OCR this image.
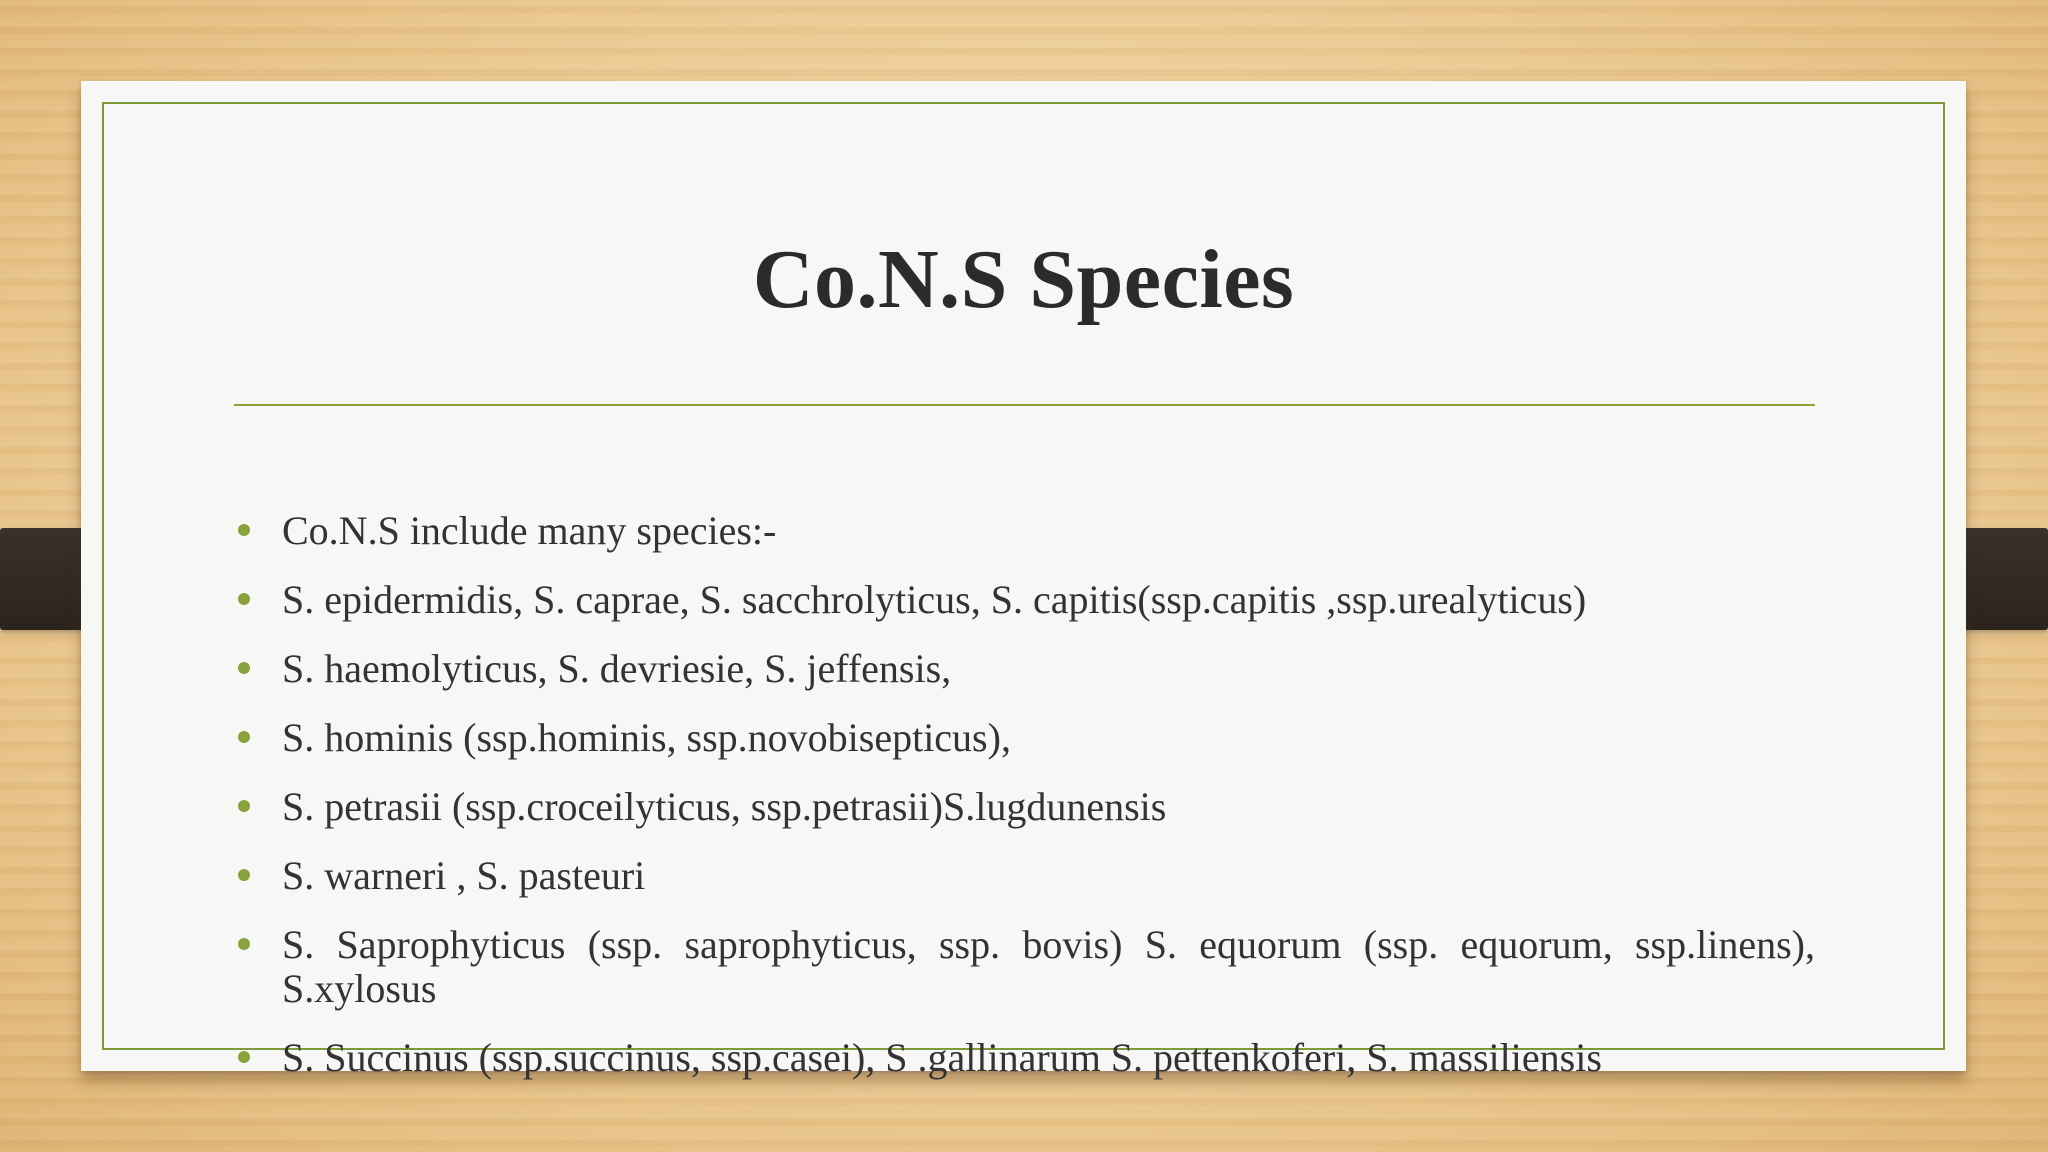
Co.N.S Species
Co.N.S include many species:-
S. epidermidis, S. caprae, S. sacchrolyticus, S. capitis(ssp.capitis ,ssp.urealyticus)
S. haemolyticus, S. devriesie, S. jeffensis,
S. hominis (ssp.hominis, ssp.novobisepticus),
S. petrasii (ssp.croceilyticus, ssp.petrasii)S.lugdunensis
S. warneri , S. pasteuri
S. Saprophyticus (ssp. saprophyticus, ssp. bovis) S. equorum (ssp. equorum, ssp.linens), S.xylosus
S. Succinus (ssp.succinus, ssp.casei), S .gallinarum S. pettenkoferi, S. massiliensis
